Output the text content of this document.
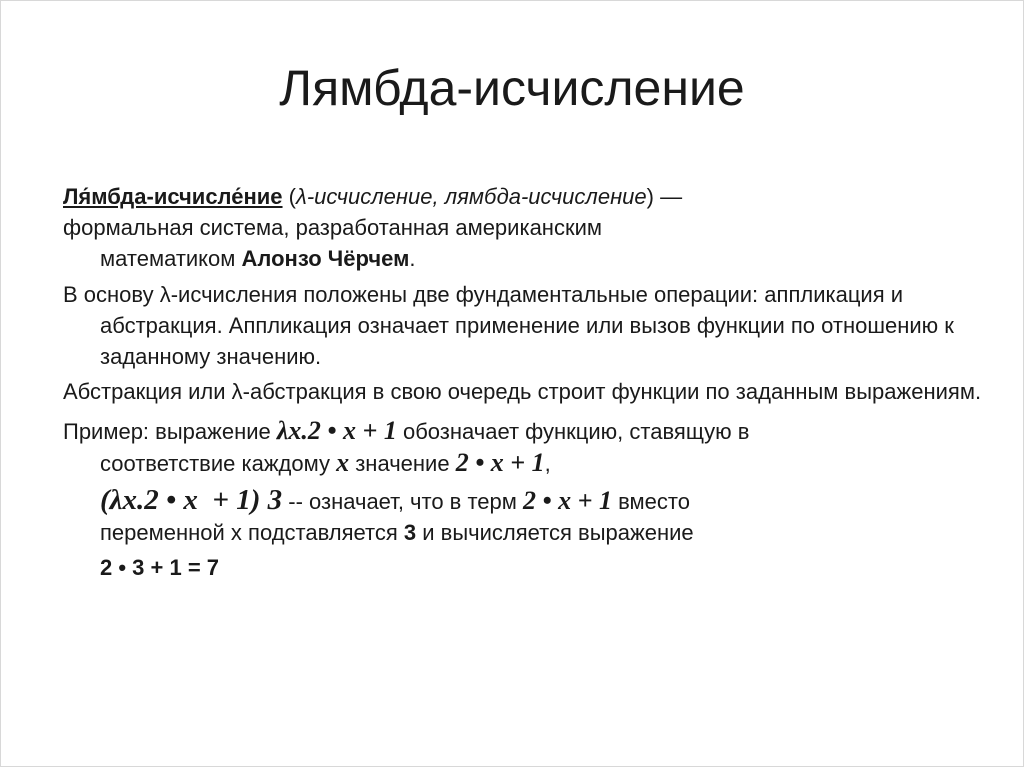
Лямбда-исчисление

Ля́мбда-исчисле́ние (λ-исчисление, лямбда-исчисление) —
формальная система, разработанная американским
математиком Алонзо Чёрчем.

В основу λ-исчисления положены две фундаментальные операции: аппликация и абстракция. Аппликация означает применение или вызов функции по отношению к заданному значению.

Абстракция или λ-абстракция в свою очередь строит функции по заданным выражениям.

Пример: выражение λx.2 • x + 1 обозначает функцию, ставящую в
соответствие каждому x значение 2 • x + 1,
(λx.2 • x  + 1) 3 -- означает, что в терм 2 • x + 1 вместо
переменной х подставляется 3 и вычисляется выражение
2 • 3 + 1 = 7
